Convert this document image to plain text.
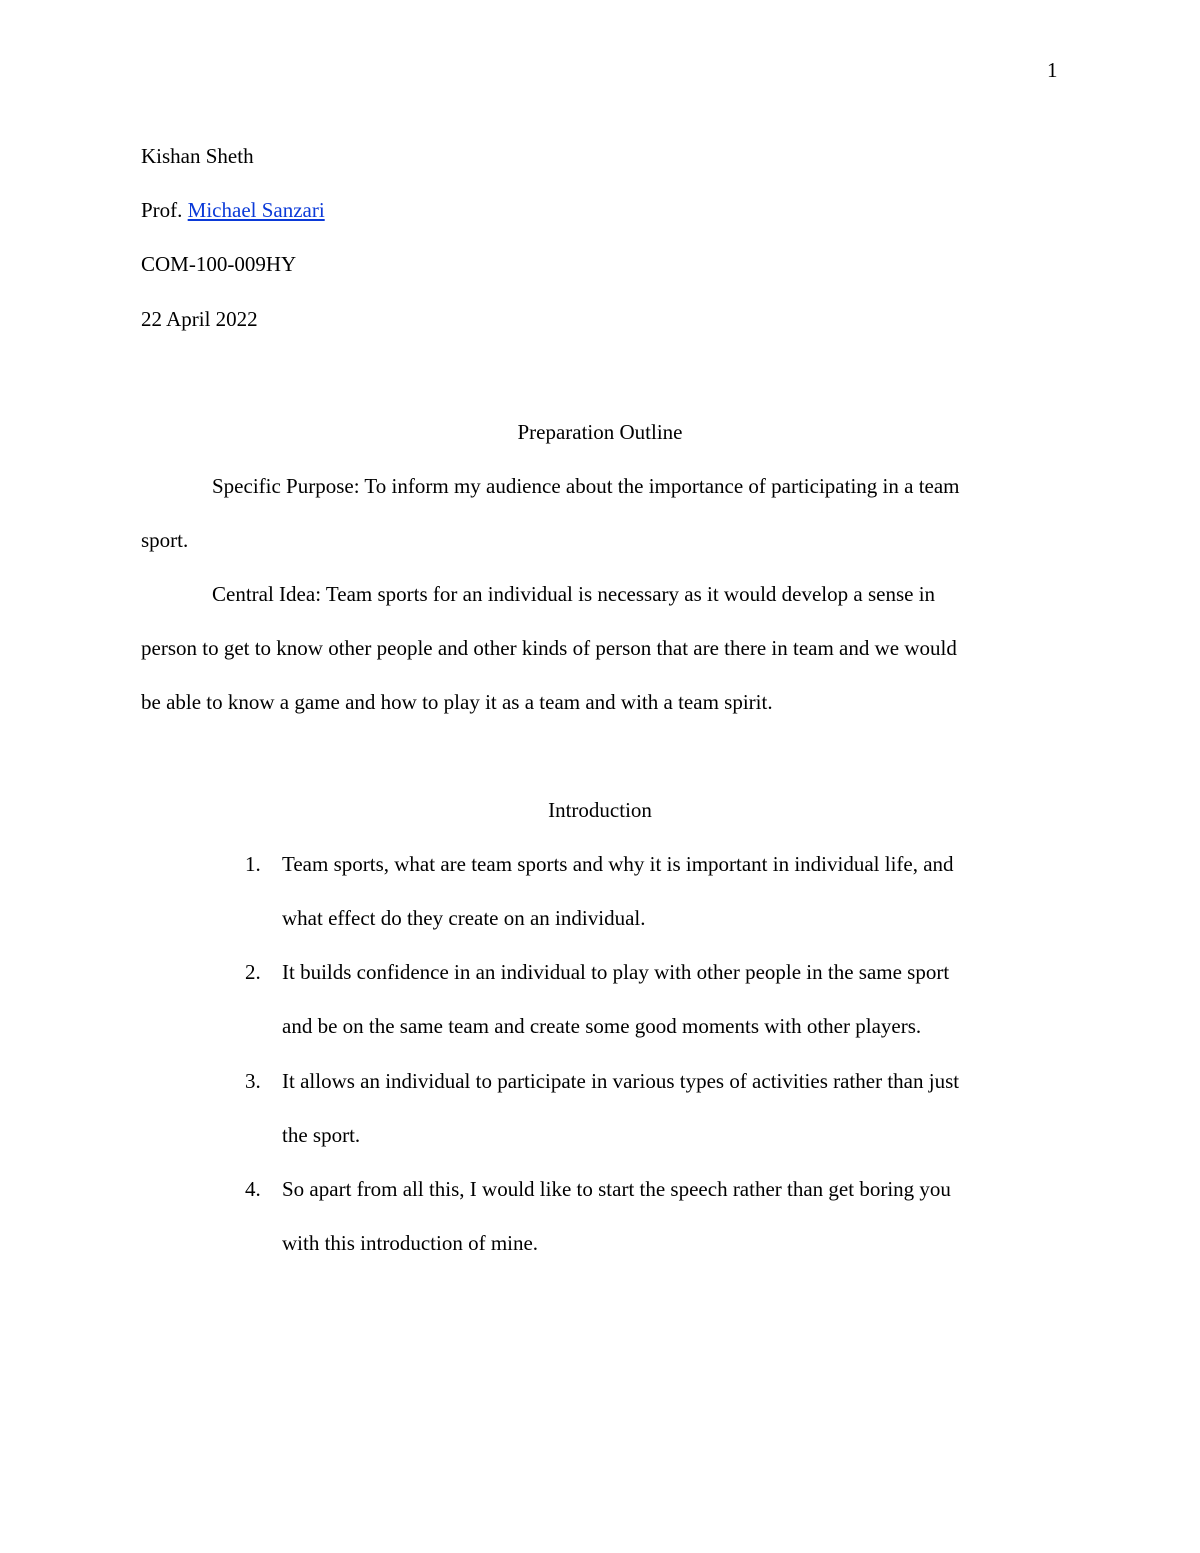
1
Kishan Sheth
Prof. Michael Sanzari
COM-100-009HY
22 April 2022
Preparation Outline
Specific Purpose: To inform my audience about the importance of participating in a team
sport.
Central Idea: Team sports for an individual is necessary as it would develop a sense in
person to get to know other people and other kinds of person that are there in team and we would
be able to know a game and how to play it as a team and with a team spirit.
Introduction
1. Team sports, what are team sports and why it is important in individual life, and
what effect do they create on an individual.
2. It builds confidence in an individual to play with other people in the same sport
and be on the same team and create some good moments with other players.
3. It allows an individual to participate in various types of activities rather than just
the sport.
4. So apart from all this, I would like to start the speech rather than get boring you
with this introduction of mine.
